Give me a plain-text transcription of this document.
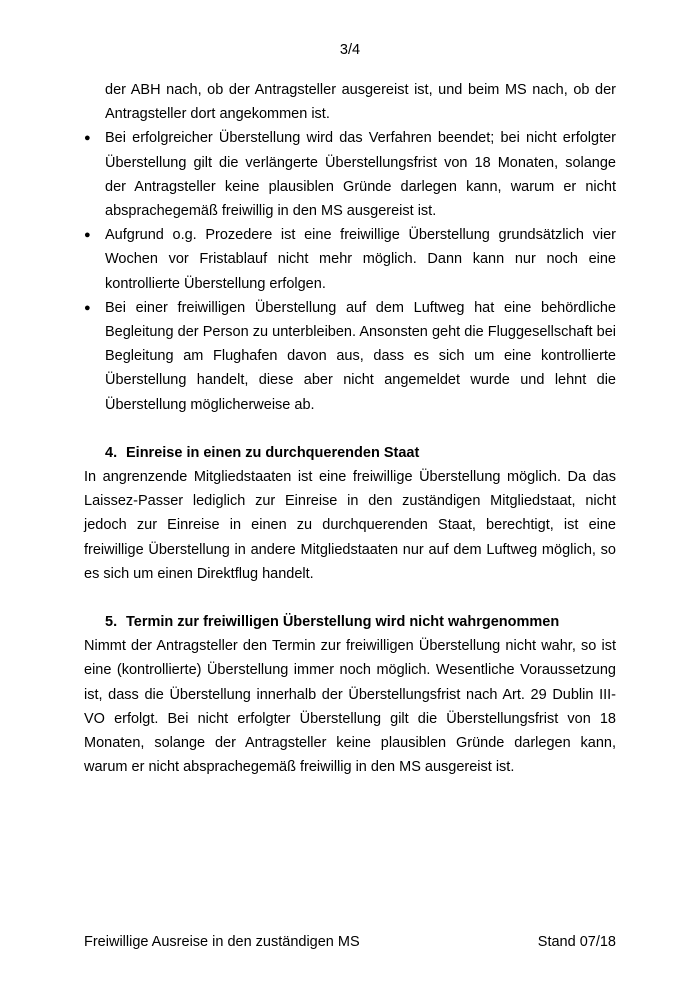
3/4

der ABH nach, ob der Antragsteller ausgereist ist, und beim MS nach, ob der Antragsteller dort angekommen ist.

● Bei erfolgreicher Überstellung wird das Verfahren beendet; bei nicht erfolgter Überstellung gilt die verlängerte Überstellungsfrist von 18 Monaten, solange der Antragsteller keine plausiblen Gründe darlegen kann, warum er nicht absprachegemäß freiwillig in den MS ausgereist ist.
● Aufgrund o.g. Prozedere ist eine freiwillige Überstellung grundsätzlich vier Wochen vor Fristablauf nicht mehr möglich. Dann kann nur noch eine kontrollierte Überstellung erfolgen.
● Bei einer freiwilligen Überstellung auf dem Luftweg hat eine behördliche Begleitung der Person zu unterbleiben. Ansonsten geht die Fluggesellschaft bei Begleitung am Flughafen davon aus, dass es sich um eine kontrollierte Überstellung handelt, diese aber nicht angemeldet wurde und lehnt die Überstellung möglicherweise ab.
4. Einreise in einen zu durchquerenden Staat

In angrenzende Mitgliedstaaten ist eine freiwillige Überstellung möglich. Da das Laissez-Passer lediglich zur Einreise in den zuständigen Mitgliedstaat, nicht jedoch zur Einreise in einen zu durchquerenden Staat, berechtigt, ist eine freiwillige Überstellung in andere Mitgliedstaaten nur auf dem Luftweg möglich, so es sich um einen Direktflug handelt.

5. Termin zur freiwilligen Überstellung wird nicht wahrgenommen

Nimmt der Antragsteller den Termin zur freiwilligen Überstellung nicht wahr, so ist eine (kontrollierte) Überstellung immer noch möglich. Wesentliche Voraussetzung ist, dass die Überstellung innerhalb der Überstellungsfrist nach Art. 29 Dublin III-VO erfolgt. Bei nicht erfolgter Überstellung gilt die Überstellungsfrist von 18 Monaten, solange der Antragsteller keine plausiblen Gründe darlegen kann, warum er nicht absprachegemäß freiwillig in den MS ausgereist ist.

Freiwillige Ausreise in den zuständigen MS	Stand 07/18
